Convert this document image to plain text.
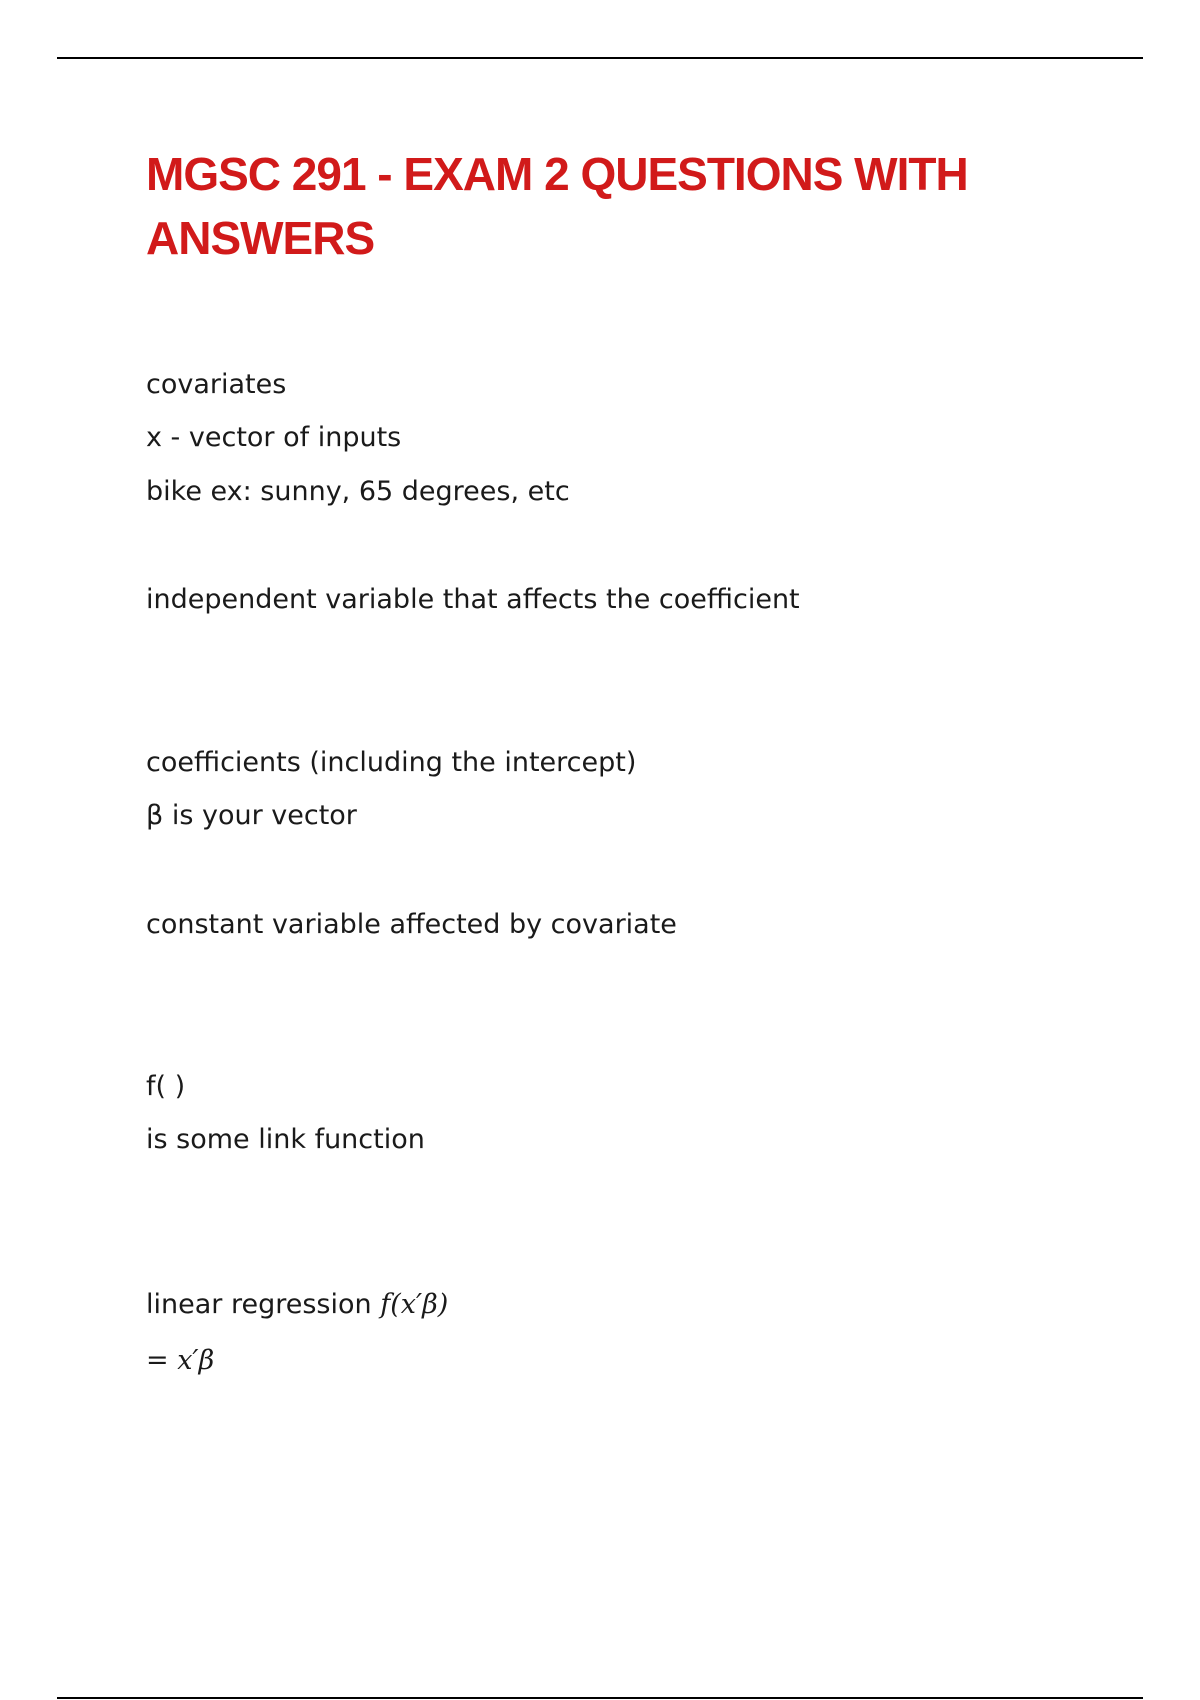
MGSC 291 - EXAM 2 QUESTIONS WITH ANSWERS

covariates

x - vector of inputs

bike ex: sunny, 65 degrees, etc

independent variable that affects the coefficient

coefficients (including the intercept)

β is your vector

constant variable affected by covariate

f( )

is some link function

linear regression f(x′β)

= x′β
